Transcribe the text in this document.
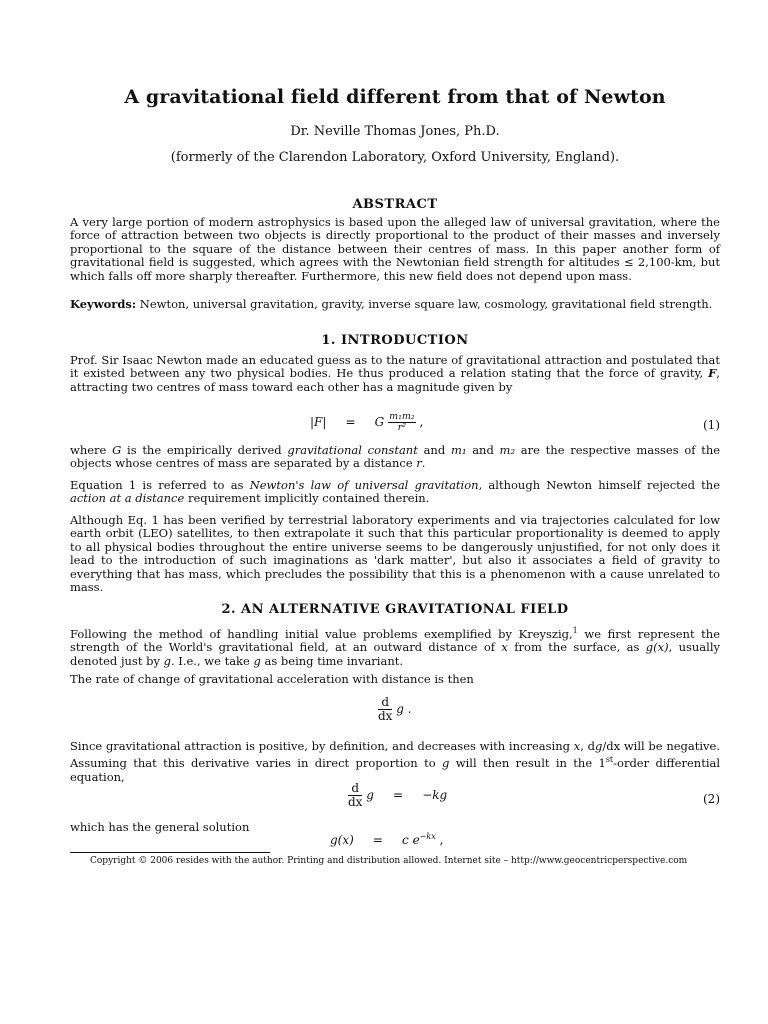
A gravitational field different from that of Newton
Dr. Neville Thomas Jones, Ph.D.
(formerly of the Clarendon Laboratory, Oxford University, England).
ABSTRACT
A very large portion of modern astrophysics is based upon the alleged law of universal gravitation, where the force of attraction between two objects is directly proportional to the product of their masses and inversely proportional to the square of the distance between their centres of mass. In this paper another form of gravitational field is suggested, which agrees with the Newtonian field strength for altitudes ≤ 2,100-km, but which falls off more sharply thereafter. Furthermore, this new field does not depend upon mass.
Keywords: Newton, universal gravitation, gravity, inverse square law, cosmology, gravitational field strength.
1. INTRODUCTION
Prof. Sir Isaac Newton made an educated guess as to the nature of gravitational attraction and postulated that it existed between any two physical bodies. He thus produced a relation stating that the force of gravity, F, attracting two centres of mass toward each other has a magnitude given by
|F| = G $\frac{\text{m₁m₂}}{\text{r²}}$ ,	(1)
where G is the empirically derived gravitational constant and m₁ and m₂ are the respective masses of the objects whose centres of mass are separated by a distance r.
Equation 1 is referred to as Newton's law of universal gravitation, although Newton himself rejected the action at a distance requirement implicitly contained therein.
Although Eq. 1 has been verified by terrestrial laboratory experiments and via trajectories calculated for low earth orbit (LEO) satellites, to then extrapolate it such that this particular proportionality is deemed to apply to all physical bodies throughout the entire universe seems to be dangerously unjustified, for not only does it lead to the introduction of such imaginations as 'dark matter', but also it associates a field of gravity to everything that has mass, which precludes the possibility that this is a phenomenon with a cause unrelated to mass.
2. AN ALTERNATIVE GRAVITATIONAL FIELD
Following the method of handling initial value problems exemplified by Kreyszig,$^1$ we first represent the strength of the World's gravitational field, at an outward distance of x from the surface, as g(x), usually denoted just by g. I.e., we take g as being time invariant.
The rate of change of gravitational acceleration with distance is then
$\frac{d}{dx}$ g .
Since gravitational attraction is positive, by definition, and decreases with increasing x, dg/dx will be negative. Assuming that this derivative varies in direct proportion to g will then result in the 1st-order differential equation,
$\frac{d}{dx}$ g = −kg	(2)
which has the general solution
g(x) = c $e^{-kx}$ ,
Copyright © 2006 resides with the author. Printing and distribution allowed. Internet site – http://www.geocentricperspective.com
